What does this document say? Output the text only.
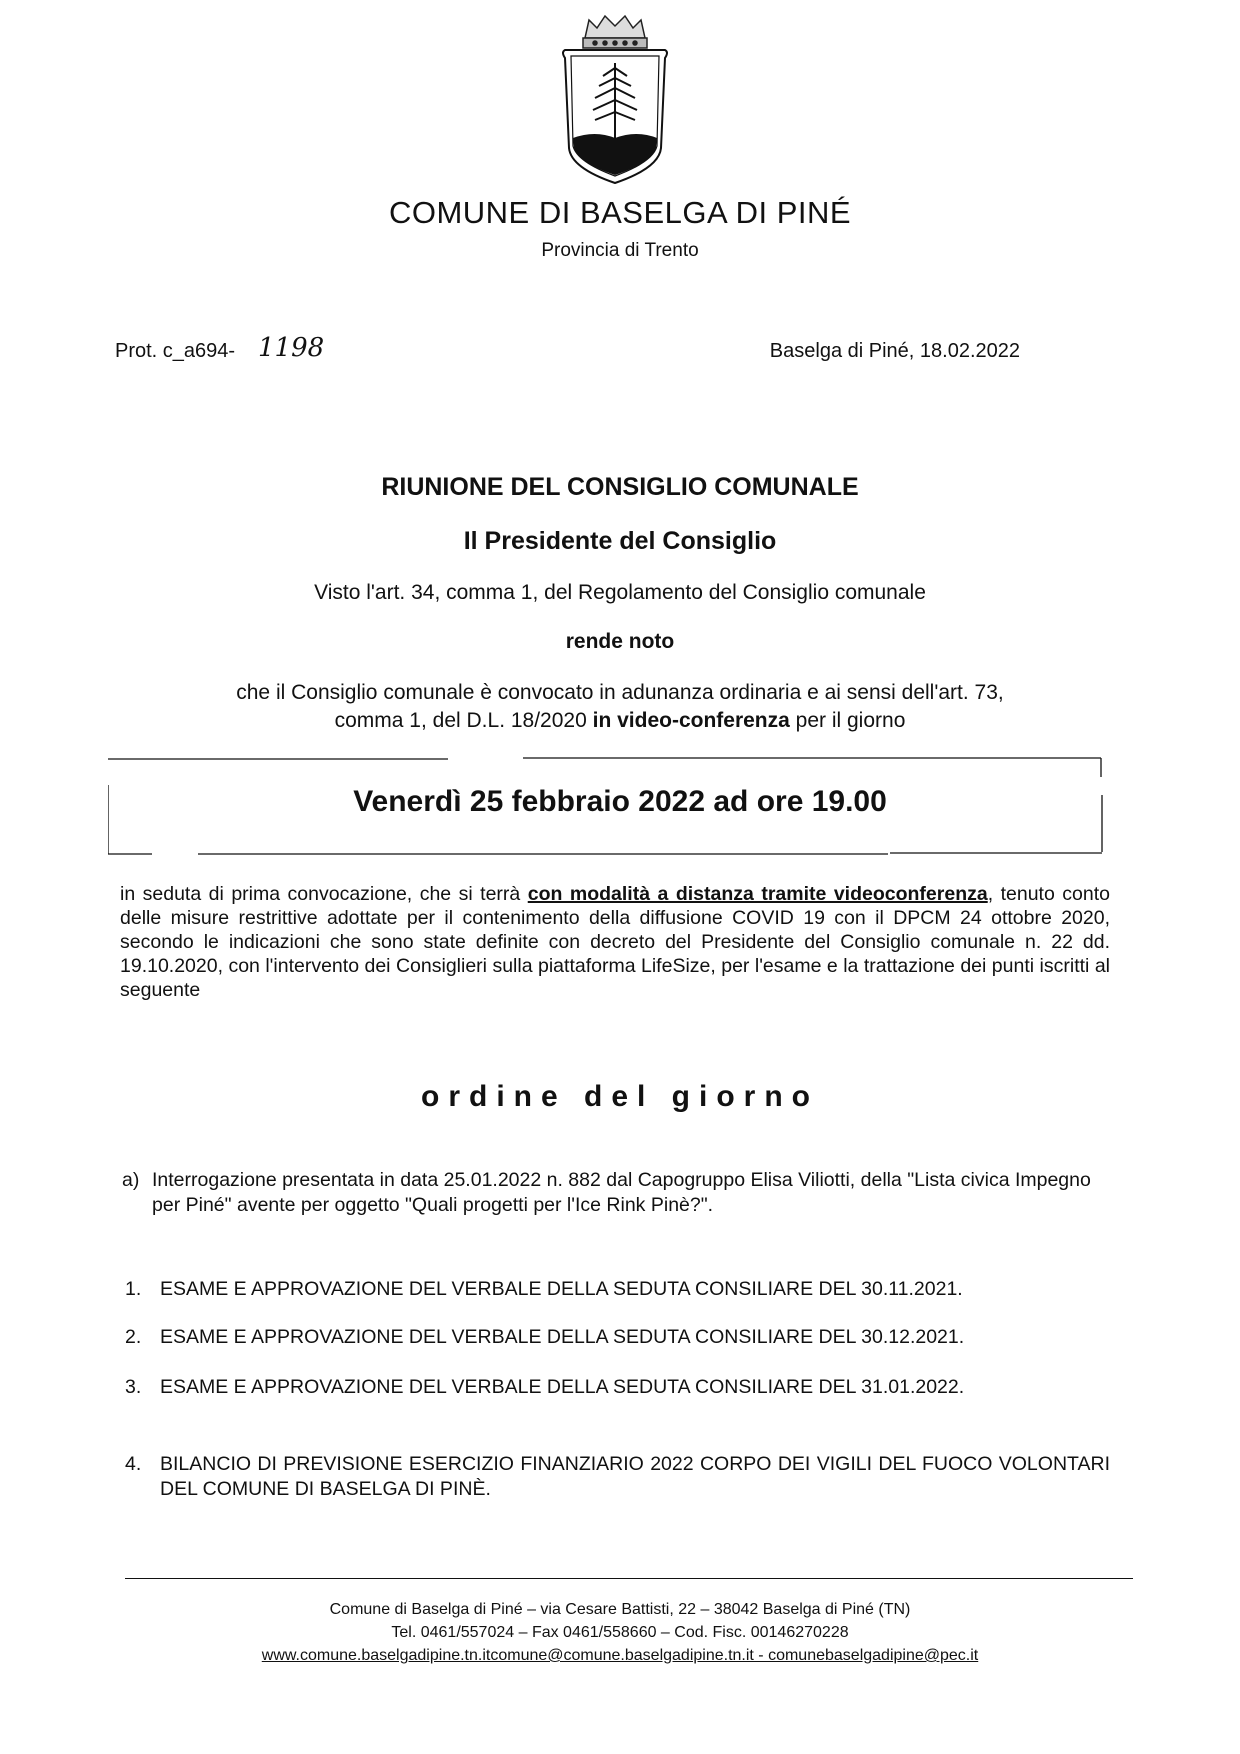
COMUNE DI BASELGA DI PINÉ
Provincia di Trento
Prot. c_a694- 1198	Baselga di Piné, 18.02.2022
RIUNIONE DEL CONSIGLIO COMUNALE
Il Presidente del Consiglio
Visto l'art. 34, comma 1, del Regolamento del Consiglio comunale
rende noto
che il Consiglio comunale è convocato in adunanza ordinaria e ai sensi dell'art. 73,
comma 1, del D.L. 18/2020 in video-conferenza per il giorno
Venerdì 25 febbraio 2022 ad ore 19.00
in seduta di prima convocazione, che si terrà con modalità a distanza tramite videoconferenza, tenuto conto delle misure restrittive adottate per il contenimento della diffusione COVID 19 con il DPCM 24 ottobre 2020, secondo le indicazioni che sono state definite con decreto del Presidente del Consiglio comunale n. 22 dd. 19.10.2020, con l'intervento dei Consiglieri sulla piattaforma LifeSize, per l'esame e la trattazione dei punti iscritti al seguente
ordine del giorno
a) Interrogazione presentata in data 25.01.2022 n. 882 dal Capogruppo Elisa Viliotti, della "Lista civica Impegno per Piné" avente per oggetto "Quali progetti per l'Ice Rink Pinè?".
1. ESAME E APPROVAZIONE DEL VERBALE DELLA SEDUTA CONSILIARE DEL 30.11.2021.
2. ESAME E APPROVAZIONE DEL VERBALE DELLA SEDUTA CONSILIARE DEL 30.12.2021.
3. ESAME E APPROVAZIONE DEL VERBALE DELLA SEDUTA CONSILIARE DEL 31.01.2022.
4. BILANCIO DI PREVISIONE ESERCIZIO FINANZIARIO 2022 CORPO DEI VIGILI DEL FUOCO VOLONTARI DEL COMUNE DI BASELGA DI PINÈ.
Comune di Baselga di Piné – via Cesare Battisti, 22 – 38042 Baselga di Piné (TN)
Tel. 0461/557024 – Fax 0461/558660 – Cod. Fisc. 00146270228
www.comune.baselgadipine.tn.itcomune@comune.baselgadipine.tn.it - comunebaselgadipine@pec.it
